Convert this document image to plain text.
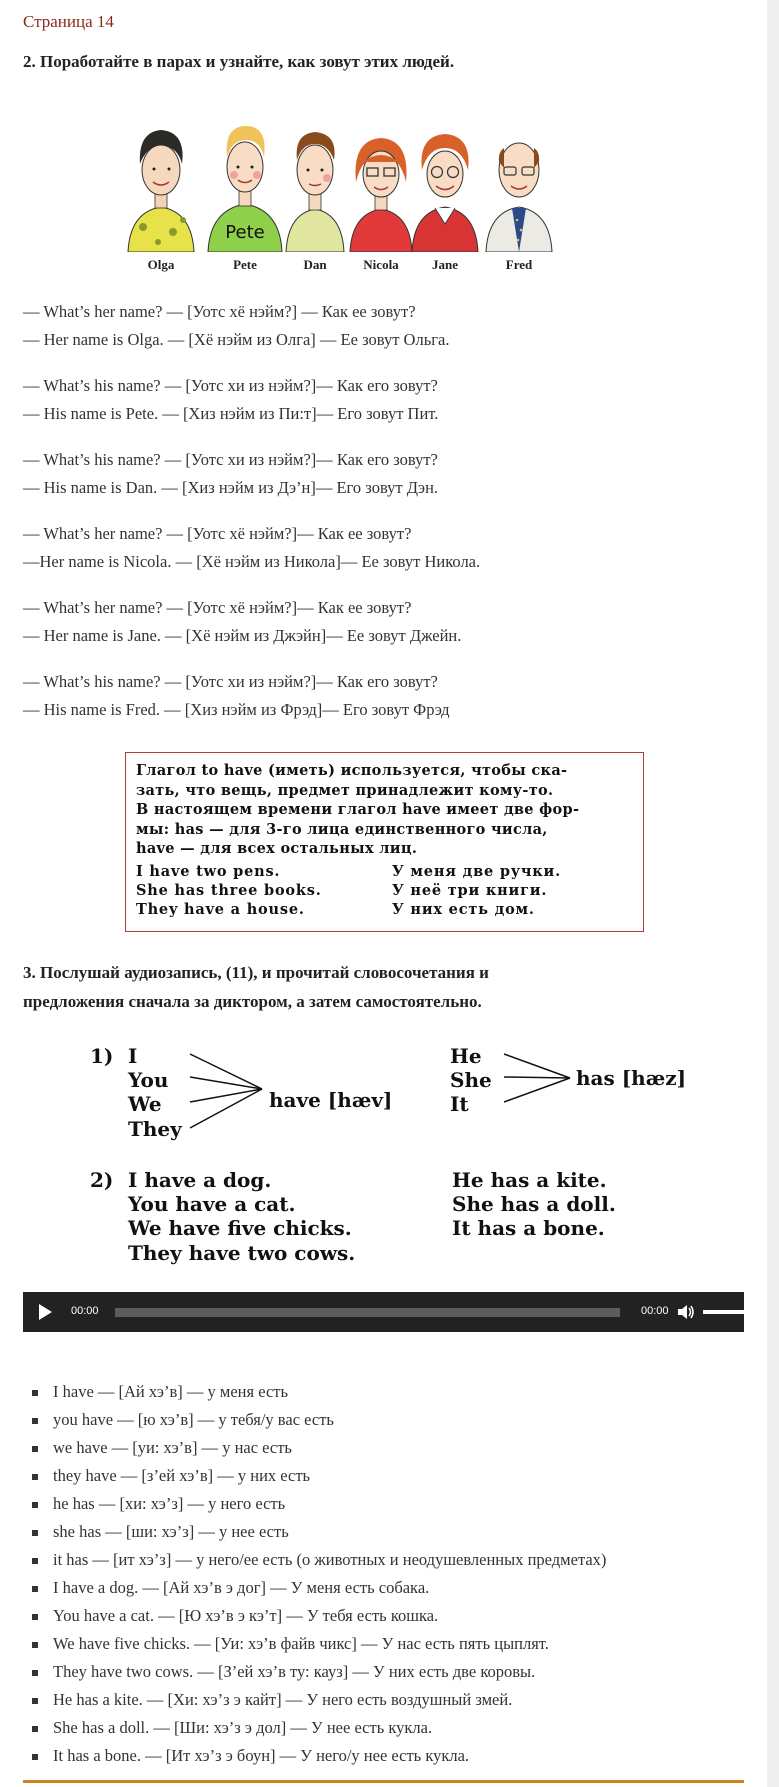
Страница 14
2. Поработайте в парах и узнайте, как зовут этих людей.
Olga
Pete
Pete	Dan	Nicola	Jane	Fred
— What’s her name? — [Уотс хё нэйм?] — Как ее зовут?
— Her name is Olga. — [Хё нэйм из Олга] — Ее зовут Ольга.
— What’s his name? — [Уотс хи из нэйм?]— Как его зовут?
— His name is Pete. — [Хиз нэйм из Пи:т]— Его зовут Пит.
— What’s his name? — [Уотс хи из нэйм?]— Как его зовут?
— His name is Dan. — [Хиз нэйм из Дэ’н]— Его зовут Дэн.
— What’s her name? — [Уотс хё нэйм?]— Как ее зовут?
—Her name is Nicola. — [Хё нэйм из Никола]— Ее зовут Никола.
— What’s her name? — [Уотс хё нэйм?]— Как ее зовут?
— Her name is Jane. — [Хё нэйм из Джэйн]— Ее зовут Джейн.
— What’s his name? — [Уотс хи из нэйм?]— Как его зовут?
— His name is Fred. — [Хиз нэйм из Фрэд]— Его зовут Фрэд
Глагол to have (иметь) используется, чтобы ска-
зать, что вещь, предмет принадлежит кому-то.
В настоящем времени глагол have имеет две фор-
мы: has — для 3-го лица единственного числа,
have — для всех остальных лиц.
I have two pens.	У меня две ручки.
She has three books.	У неё три книги.
They have a house.	У них есть дом.
3. Послушай аудиозапись, (11), и прочитай словосочетания и
предложения сначала за диктором, а затем самостоятельно.
1) I
You
We
They
have [hæv]
He
She
It
has [hæz]
2) I have a dog.
You have a cat.
We have five chicks.
They have two cows.
He has a kite.
She has a doll.
It has a bone.
00:00	00:00
I have — [Ай хэ’в] — у меня есть
you have — [ю хэ’в] — у тебя/у вас есть
we have — [уи: хэ’в] — у нас есть
they have — [з’ей хэ’в] — у них есть
he has — [хи: хэ’з] — у него есть
she has — [ши: хэ’з] — у нее есть
it has — [ит хэ’з] — у него/ее есть (о животных и неодушевленных предметах)
I have a dog. — [Ай хэ’в э дог] — У меня есть собака.
You have a cat. — [Ю хэ’в э кэ’т] — У тебя есть кошка.
We have five chicks. — [Уи: хэ’в файв чикс] — У нас есть пять цыплят.
They have two cows. — [З’ей хэ’в ту: кауз] — У них есть две коровы.
He has a kite. — [Хи: хэ’з э кайт] — У него есть воздушный змей.
She has a doll. — [Ши: хэ’з э дол] — У нее есть кукла.
It has a bone. — [Ит хэ’з э боун] — У него/у нее есть кукла.
